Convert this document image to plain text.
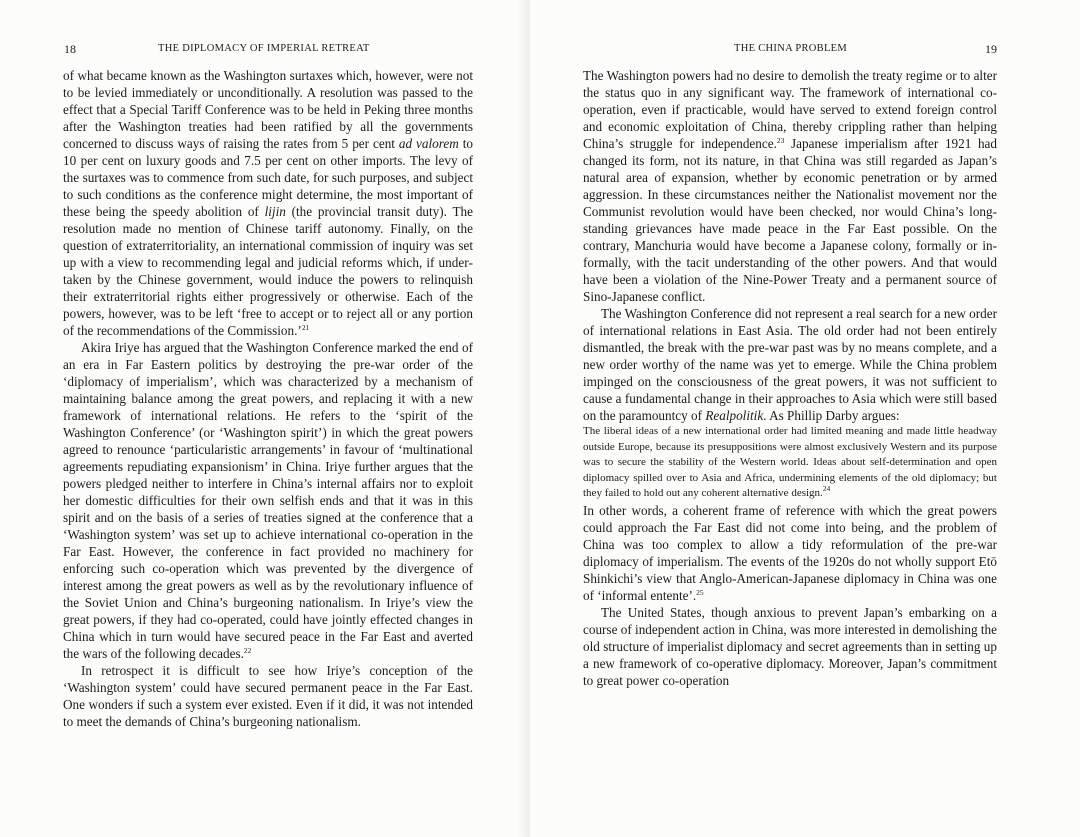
18	THE DIPLOMACY OF IMPERIAL RETREAT

of what became known as the Washington surtaxes which, however, were not to be levied immediately or unconditionally. A resolution was passed to the effect that a Special Tariff Conference was to be held in Peking three months after the Washington treaties had been ratified by all the governments concerned to discuss ways of raising the rates from 5 per cent ad valorem to 10 per cent on luxury goods and 7.5 per cent on other imports. The levy of the surtaxes was to commence from such date, for such purposes, and subject to such conditions as the conference might determine, the most important of these being the speedy abolition of lijin (the provincial transit duty). The resolution made no mention of Chinese tariff autonomy. Finally, on the question of extraterritoriality, an international commission of inquiry was set up with a view to recommending legal and judicial reforms which, if undertaken by the Chinese government, would induce the powers to relinquish their extraterritorial rights either progressively or otherwise. Each of the powers, however, was to be left ‘free to accept or to reject all or any portion of the recommendations of the Commission.’$^{21}$

Akira Iriye has argued that the Washington Conference marked the end of an era in Far Eastern politics by destroying the pre-war order of the ‘diplomacy of imperialism’, which was characterized by a mechanism of maintaining balance among the great powers, and replacing it with a new framework of international relations. He refers to the ‘spirit of the Washington Conference’ (or ‘Washington spirit’) in which the great powers agreed to renounce ‘particularistic arrangements’ in favour of ‘multinational agreements repudiating expansionism’ in China. Iriye further argues that the powers pledged neither to interfere in China’s internal affairs nor to exploit her domestic difficulties for their own selfish ends and that it was in this spirit and on the basis of a series of treaties signed at the conference that a ‘Washington system’ was set up to achieve international co-operation in the Far East. However, the conference in fact provided no machinery for enforcing such co-operation which was prevented by the divergence of interest among the great powers as well as by the revolutionary influence of the Soviet Union and China’s burgeoning nationalism. In Iriye’s view the great powers, if they had co-operated, could have jointly effected changes in China which in turn would have secured peace in the Far East and averted the wars of the following decades.$^{22}$

In retrospect it is difficult to see how Iriye’s conception of the ‘Washington system’ could have secured permanent peace in the Far East. One wonders if such a system ever existed. Even if it did, it was not intended to meet the demands of China’s burgeoning nationalism.

THE CHINA PROBLEM	19

The Washington powers had no desire to demolish the treaty regime or to alter the status quo in any significant way. The framework of international co-operation, even if practicable, would have served to extend foreign control and economic exploitation of China, thereby crippling rather than helping China’s struggle for independence.$^{23}$ Japanese imperialism after 1921 had changed its form, not its nature, in that China was still regarded as Japan’s natural area of expansion, whether by economic penetration or by armed aggression. In these circumstances neither the Nationalist movement nor the Communist revolution would have been checked, nor would China’s long-standing grievances have made peace in the Far East possible. On the contrary, Manchuria would have become a Japanese colony, formally or informally, with the tacit understanding of the other powers. And that would have been a violation of the Nine-Power Treaty and a permanent source of Sino-Japanese conflict.

The Washington Conference did not represent a real search for a new order of international relations in East Asia. The old order had not been entirely dismantled, the break with the pre-war past was by no means complete, and a new order worthy of the name was yet to emerge. While the China problem impinged on the consciousness of the great powers, it was not sufficient to cause a fundamental change in their approaches to Asia which were still based on the paramountcy of Realpolitik. As Phillip Darby argues:

The liberal ideas of a new international order had limited meaning and made little headway outside Europe, because its presuppositions were almost exclusively Western and its purpose was to secure the stability of the Western world. Ideas about self-determination and open diplomacy spilled over to Asia and Africa, undermining elements of the old diplomacy; but they failed to hold out any coherent alternative design.$^{24}$

In other words, a coherent frame of reference with which the great powers could approach the Far East did not come into being, and the problem of China was too complex to allow a tidy reformulation of the pre-war diplomacy of imperialism. The events of the 1920s do not wholly support Etō Shinkichi’s view that Anglo-American-Japanese diplomacy in China was one of ‘informal entente’.$^{25}$

The United States, though anxious to prevent Japan’s embarking on a course of independent action in China, was more interested in demolishing the old structure of imperialist diplomacy and secret agreements than in setting up a new framework of co-operative diplomacy. Moreover, Japan’s commitment to great power co-operation
